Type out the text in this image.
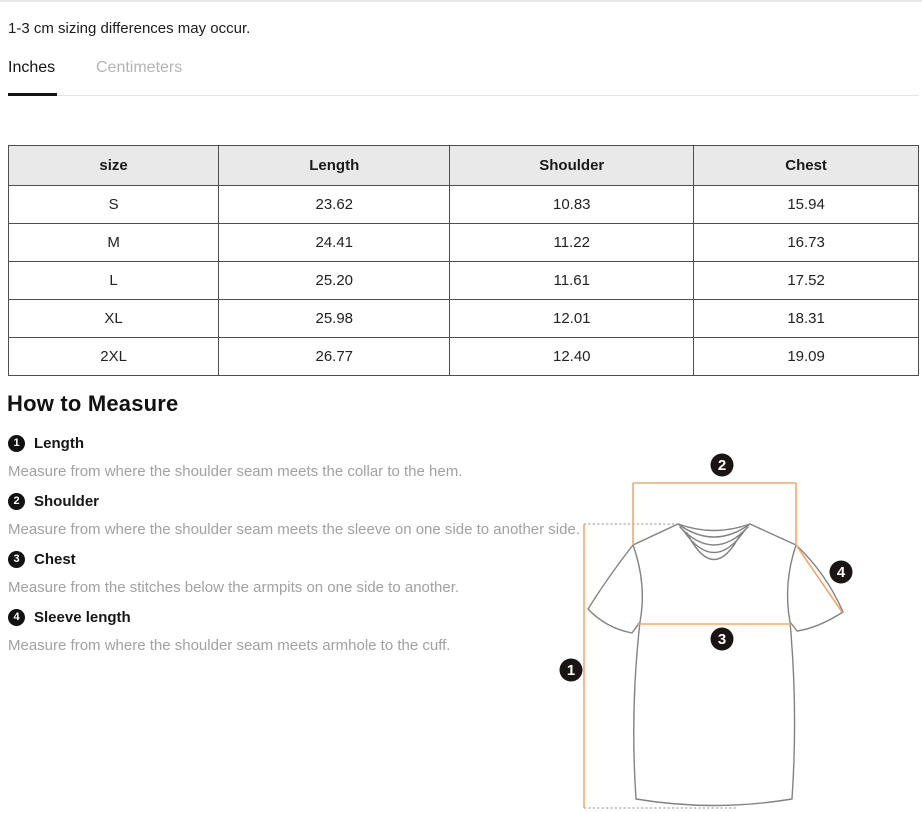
1-3 cm sizing differences may occur.
Inches	Centimeters
size	Length	Shoulder	Chest
S	23.62	10.83	15.94
M	24.41	11.22	16.73
L	25.20	11.61	17.52
XL	25.98	12.01	18.31
2XL	26.77	12.40	19.09
How to Measure
1 Length
Measure from where the shoulder seam meets the collar to the hem.
2 Shoulder
Measure from where the shoulder seam meets the sleeve on one side to another side.
3 Chest
Measure from the stitches below the armpits on one side to another.
4 Sleeve length
Measure from where the shoulder seam meets armhole to the cuff.
1
2
3
4
